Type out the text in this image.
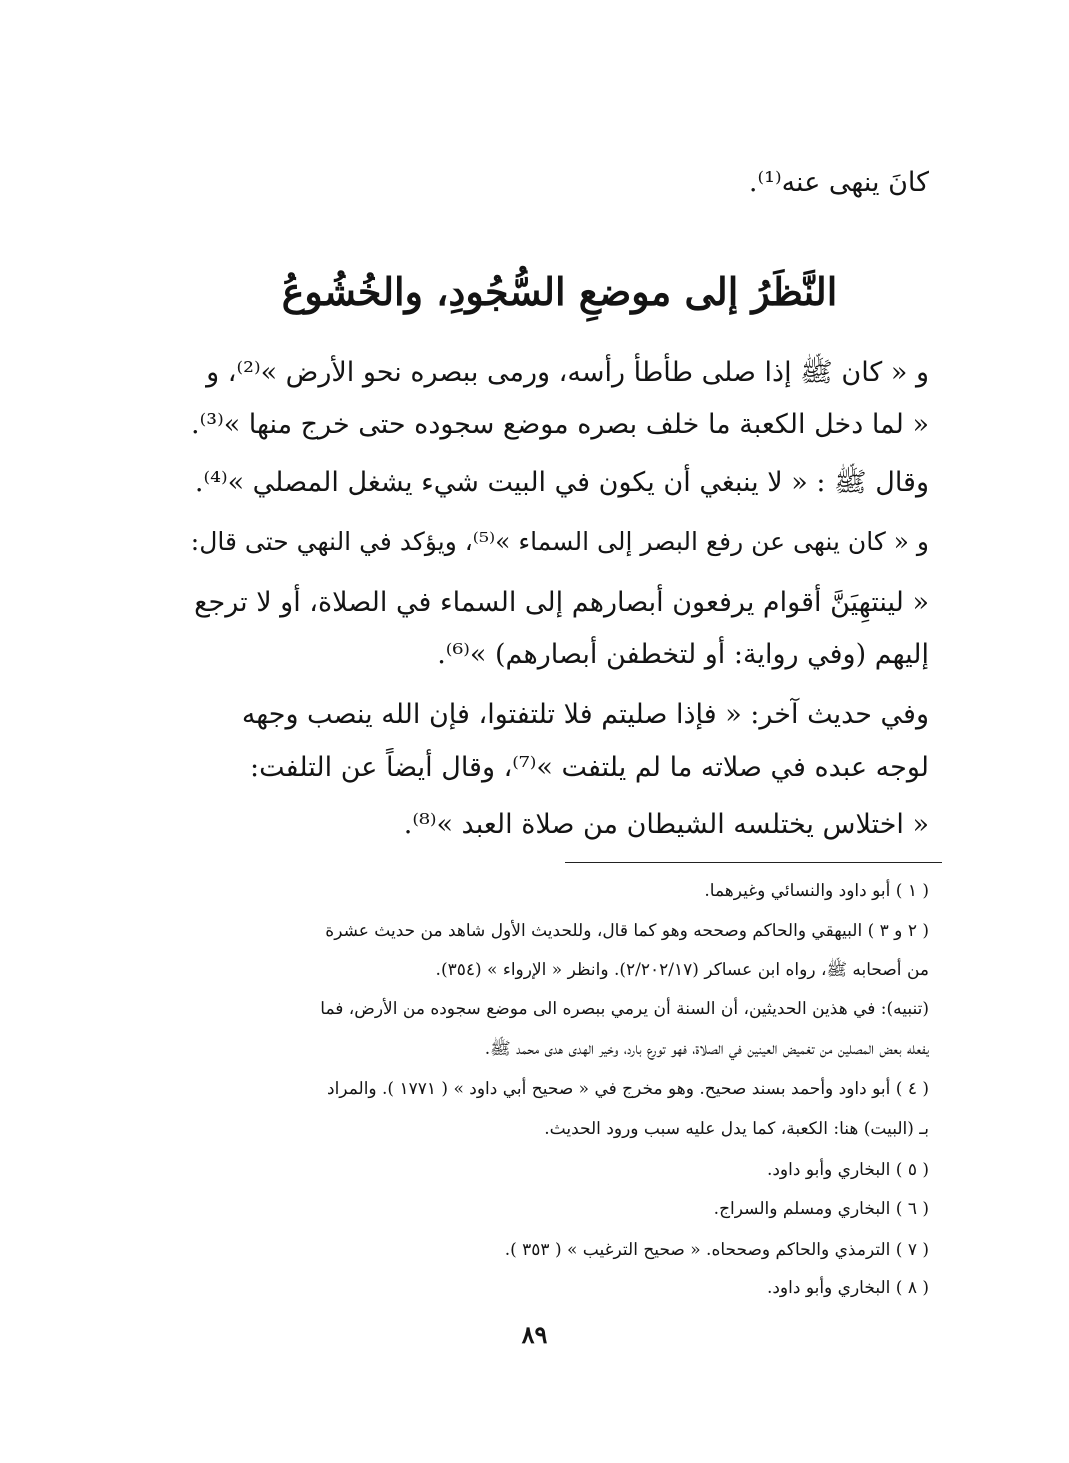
كانَ ينهى عنه⁽¹⁾.

النَّظَرُ إلى موضعِ السُّجُودِ، والخُشُوعُ

و « كان ﷺ إذا صلى طأطأ رأسه، ورمى ببصره نحو الأرض »⁽²⁾، و

« لما دخل الكعبة ما خلف بصره موضع سجوده حتى خرج منها »⁽³⁾.

وقال ﷺ : « لا ينبغي أن يكون في البيت شيء يشغل المصلي »⁽⁴⁾.

و « كان ينهى عن رفع البصر إلى السماء »⁽⁵⁾، ويؤكد في النهي حتى قال:

« لينتهِيَنَّ أقوام يرفعون أبصارهم إلى السماء في الصلاة، أو لا ترجع

إليهم (وفي رواية: أو لتخطفن أبصارهم) »⁽⁶⁾.

وفي حديث آخر: « فإذا صليتم فلا تلتفتوا، فإن الله ينصب وجهه

لوجه عبده في صلاته ما لم يلتفت »⁽⁷⁾، وقال أيضاً عن التلفت:

« اختلاس يختلسه الشيطان من صلاة العبد »⁽⁸⁾.

( ١ ) أبو داود والنسائي وغيرهما.

( ٢ و ٣ ) البيهقي والحاكم وصححه وهو كما قال، وللحديث الأول شاهد من حديث عشرة

من أصحابه ﷺ، رواه ابن عساكر (٢/٢٠٢/١٧). وانظر « الإرواء » (٣٥٤).

(تنبيه): في هذين الحديثين، أن السنة أن يرمي ببصره الى موضع سجوده من الأرض، فما

يفعله بعض المصلين من تغميض العينين في الصلاة، فهو تورع بارد، وخير الهدى هدى محمد ﷺ.

( ٤ ) أبو داود وأحمد بسند صحيح. وهو مخرج في « صحيح أبي داود » ( ١٧٧١ ). والمراد

بـ (البيت) هنا: الكعبة، كما يدل عليه سبب ورود الحديث.

( ٥ ) البخاري وأبو داود.

( ٦ ) البخاري ومسلم والسراج.

( ٧ ) الترمذي والحاكم وصححاه. « صحيح الترغيب » ( ٣٥٣ ).

( ٨ ) البخاري وأبو داود.

٨٩
